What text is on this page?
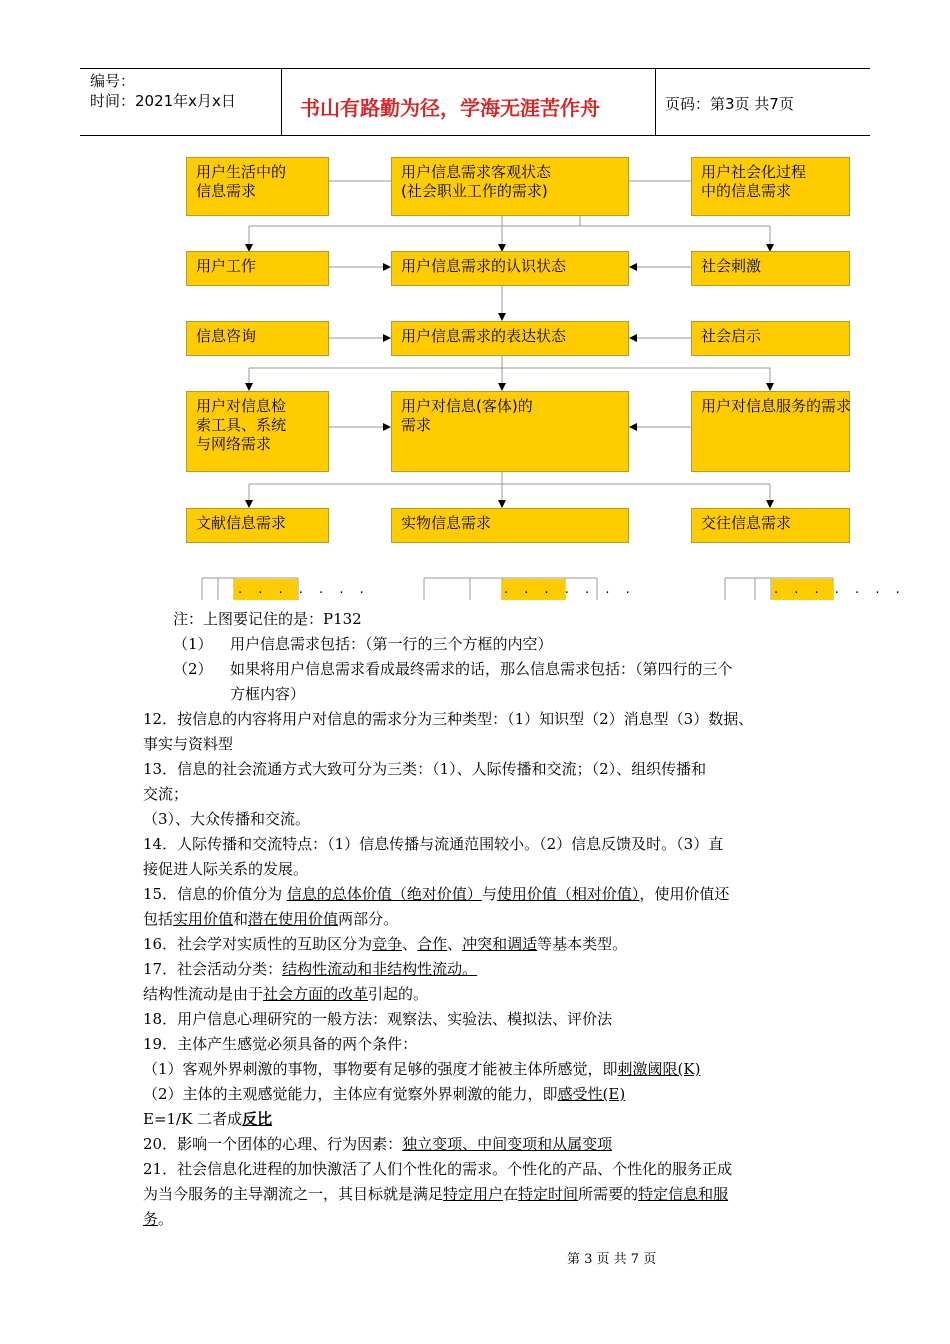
编号：
时间：2021年x月x日	书山有路勤为径，学海无涯苦作舟	页码：第3页 共7页
用户生活中的
信息需求
用户信息需求客观状态
(社会职业工作的需求)
用户社会化过程
中的信息需求
用户工作	用户信息需求的认识状态	社会刺激
信息咨询	用户信息需求的表达状态	社会启示
用户对信息检
索工具、系统
与网络需求
用户对信息(客体)的
需求
用户对信息服务的需求
文献信息需求	实物信息需求	交往信息需求
. . . . . . .	. . . . . . .	. . . . . . .
注：上图要记住的是：P132
（1） 用户信息需求包括：（第一行的三个方框的内空）
（2） 如果将用户信息需求看成最终需求的话，那么信息需求包括：（第四行的三个
方框内容）
12．按信息的内容将用户对信息的需求分为三种类型：（1）知识型（2）消息型（3）数据、
事实与资料型
13．信息的社会流通方式大致可分为三类：（1）、人际传播和交流；（2）、组织传播和
交流；
（3）、大众传播和交流。
14．人际传播和交流特点：（1）信息传播与流通范围较小。（2）信息反馈及时。（3）直
接促进人际关系的发展。
15．信息的价值分为 信息的总体价值（绝对价值）与使用价值（相对价值），使用价值还
包括实用价值和潜在使用价值两部分。
16．社会学对实质性的互助区分为竞争、合作、冲突和调适等基本类型。
17．社会活动分类：结构性流动和非结构性流动。
结构性流动是由于社会方面的改革引起的。
18．用户信息心理研究的一般方法：观察法、实验法、模拟法、评价法
19．主体产生感觉必须具备的两个条件：
（1）客观外界刺激的事物，事物要有足够的强度才能被主体所感觉，即刺激阈限(K)
（2）主体的主观感觉能力，主体应有觉察外界刺激的能力，即感受性(E)
E=1/K 二者成反比
20．影响一个团体的心理、行为因素：独立变项、中间变项和从属变项
21．社会信息化进程的加快激活了人们个性化的需求。个性化的产品、个性化的服务正成
为当今服务的主导潮流之一，其目标就是满足特定用户在特定时间所需要的特定信息和服
务。
第 3 页 共 7 页
